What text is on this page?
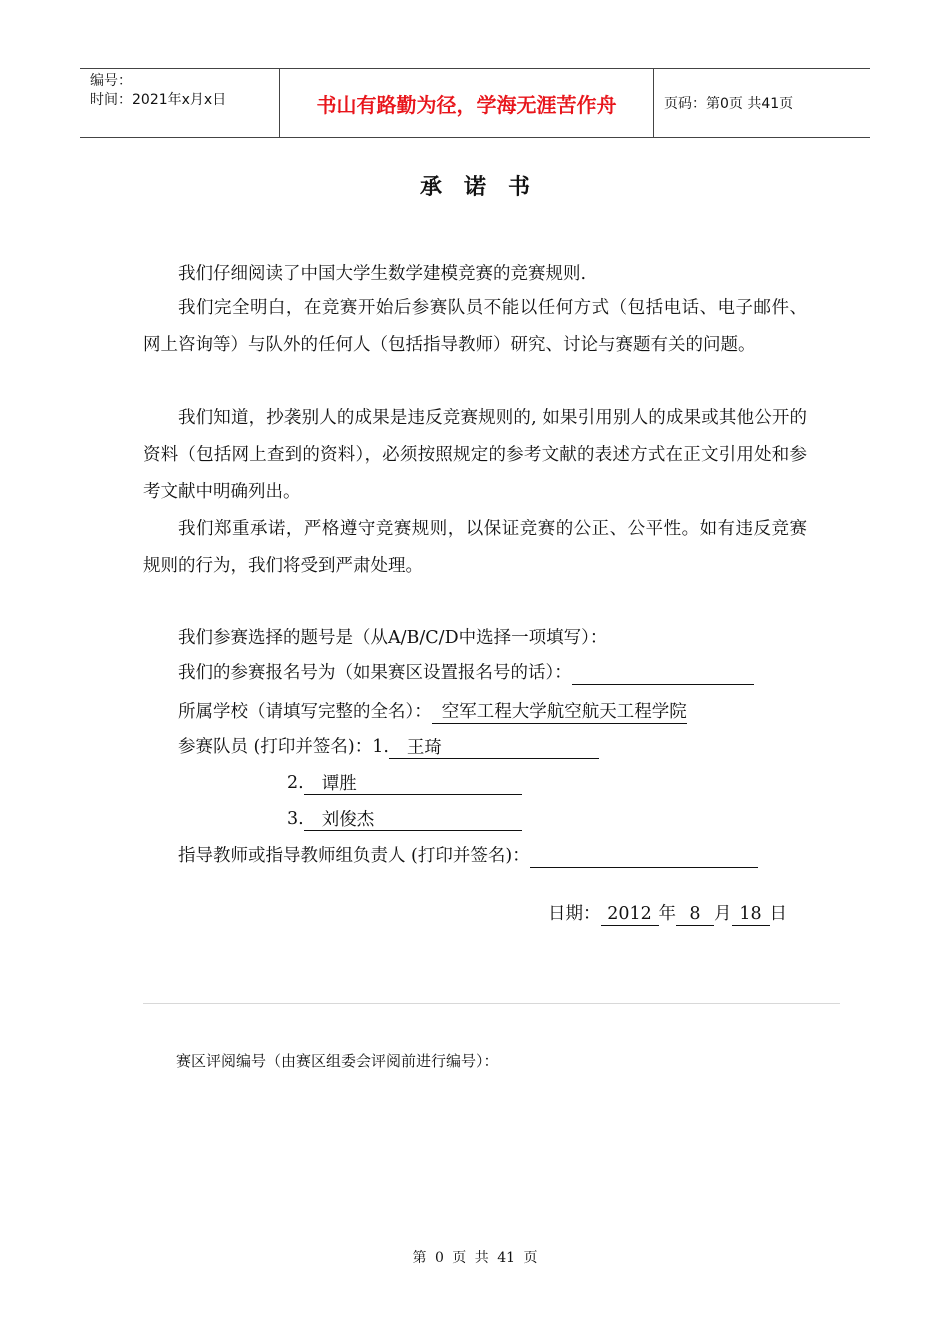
编号：
时间：2021年x月x日	书山有路勤为径，学海无涯苦作舟	页码：第0页 共41页
承诺书

我们仔细阅读了中国大学生数学建模竞赛的竞赛规则.

我们完全明白，在竞赛开始后参赛队员不能以任何方式（包括电话、电子邮件、网上咨询等）与队外的任何人（包括指导教师）研究、讨论与赛题有关的问题。

我们知道，抄袭别人的成果是违反竞赛规则的, 如果引用别人的成果或其他公开的资料（包括网上查到的资料），必须按照规定的参考文献的表述方式在正文引用处和参考文献中明确列出。

我们郑重承诺，严格遵守竞赛规则，以保证竞赛的公正、公平性。如有违反竞赛规则的行为，我们将受到严肃处理。

我们参赛选择的题号是（从A/B/C/D中选择一项填写）：
我们的参赛报名号为（如果赛区设置报名号的话）：
所属学校（请填写完整的全名）： 空军工程大学航空航天工程学院
参赛队员 (打印并签名)：1. 王琦
2. 谭胜
3. 刘俊杰
指导教师或指导教师组负责人 (打印并签名)：
日期： 2012 年 8 月 18 日
赛区评阅编号（由赛区组委会评阅前进行编号）：
第 0 页 共 41 页
